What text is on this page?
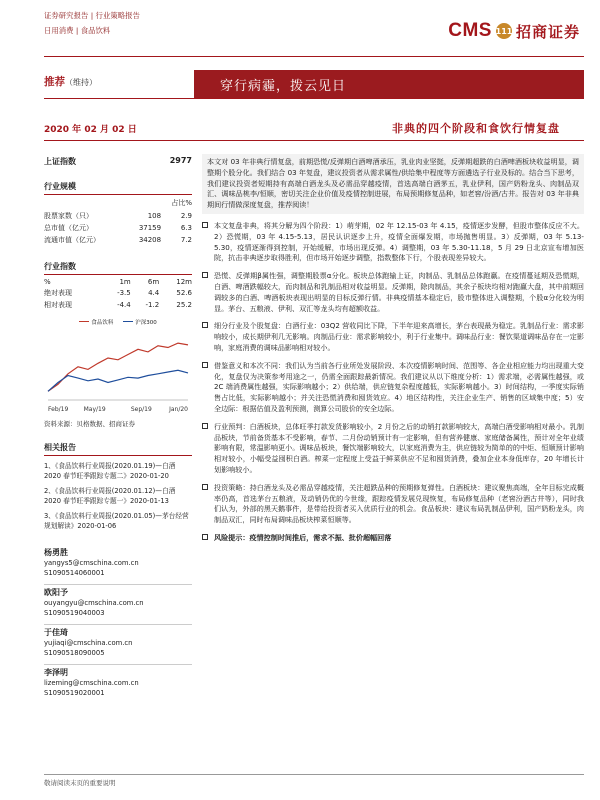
证券研究报告 | 行业策略报告
日用消费 | 食品饮料	CMS 111 招商证券
推荐（维持）	穿行病霾，拨云见日
2020 年 02 月 02 日	非典的四个阶段和食饮行情复盘
上证指数	2977
行业规模
		占比%
股票家数（只）	108	2.9
总市值（亿元）	37159	6.3
流通市值（亿元）	34208	7.2
行业指数
%	1m	6m	12m
绝对表现	-3.5	4.4	52.6
相对表现	-4.4	-1.2	25.2
食品饮料	沪深300
Feb/19	May/19	Sep/19	Jan/20
资料来源：贝格数据、招商证券
相关报告
1、《食品饮料行业周报(2020.01.19)—白酒 2020 春节旺季跟踪专题二》2020-01-20
2、《食品饮料行业周报(2020.01.12)—白酒 2020 春节旺季跟踪专题一》2020-01-13
3、《食品饮料行业周报(2020.01.05)—茅台经营规划解读》2020-01-06
杨勇胜
yangys5@cmschina.com.cn
S1090514060001
欧阳予
ouyangyu@cmschina.com.cn
S1090519040003
于佳琦
yujiaqi@cmschina.com.cn
S1090518090005
李泽明
lizeming@cmschina.com.cn
S1090519020001
本文对 03 年非典行情复盘，前期恐慌/反弹期白酒啤酒承压，乳业肉业坚挺，反弹期超跌的白酒啤酒板块收益明显，调整期个股分化。我们结合 03 年复盘，建议投资者从需求属性/供给集中程度等方面遴选子行业及标的。结合当下思考，我们建议投资者短期持有高端白酒龙头及必需品穿越疫情，首选高端白酒茅五，乳业伊利，国产奶粉龙头、肉制品双汇、调味品桃李/恒顺，密切关注企业价值及疫情控制进展，布局预期修复品种，如老窖/汾酒/古井。报告对 03 年非典期间行情做深度复盘，推荐阅读！
本文复盘非典，将其分解为四个阶段：1）萌芽期，02 年 12.15-03 年 4.15，疫情逐步发酵，但股市整体反应不大。2）恐慌期，03 年 4.15-5.13，居民认识逐步上升，疫情全面爆发期，市场抛售明显。3）反弹期，03 年 5.13-5.30，疫情逐渐得到控制，开始缓解，市场出现反弹。4）调整期，03 年 5.30-11.18，5 月 29 日北京宣布增加医院，抗击非典逐步取得胜利，但市场开始逐步调整，指数整体下行，个股表现差异较大。
恐慌、反弹期β属性强，调整期股票α分化。板块总体跑输上证，肉制品、乳制品总体跑赢。在疫情蔓延期及恐慌期，白酒、啤酒跌幅较大，而肉制品和乳制品相对收益明显。反弹期，除肉制品，其余子板块均相对跑赢大盘，其中前期回调较多的白酒、啤酒板块表现出明显的目标反弹行情。非典疫情基本稳定后，股市整体进入调整期，个股α分化较为明显。茅台、五粮液、伊利、双汇等龙头均有超额收益。
细分行业及个股复盘：白酒行业：03Q2 营收同比下降，下半年迎来高增长，茅台表现最为稳定。乳制品行业：需求影响较小，成长期伊利几无影响。肉制品行业：需求影响较小，利于行业集中。调味品行业：餐饮渠道调味品存在一定影响，家庭消费的调味品影响相对较小。
借鉴意义和本次不同：我们认为当前各行业所处发展阶段、本次疫情影响时间、范围等、各企业相应能力均出现重大变化，复盘仅为决策参考用途之一，仍需全面跟踪最新情况。我们建议从以下维度分析：1）需求端，必需属性越强，或 2C 端消费属性越强，实际影响越小；2）供给端，供应链复杂程度越低，实际影响越小。3）时间结构，一季度实际销售占比低，实际影响越小；并关注恐慌消费和囤货效应。4）地区结构性，关注企业生产、销售的区域集中度；5）安全边际：根据估值及盈利预测，测算公司股价的安全边际。
行业预判：白酒板块，总体旺季打款发货影响较小，2 月份之后的动销打款影响较大，高端白酒受影响相对最小。乳制品板块，节前备货基本不受影响，春节、二月份动销预计有一定影响，但有营养健康、家庭储备属性，预计对全年业绩影响有限，常温影响更小。调味品板块，餐饮端影响较大，以家庭消费为主，供应链较为简单的的中炬、恒顺预计影响相对较小，小幅受益囤积白酒。榨菜一定程度上受益于鲜菜供应不足和囤货消费，叠加企业本身低库存，20 年增长计划影响较小。
投资策略：持白酒龙头及必需品穿越疫情，关注超跌品种的预期修复弹性。白酒板块：建议聚焦高端，全年目标完成概率仍高，首选茅台五粮液，及动销仍优的今世缘，跟踪疫情发展兑现恢复，布局修复品种（老窖汾酒古井等），同时我们认为，外部的黑天鹅事件，是带给投资者买入优质行业的机会。食品板块：建议布局乳制品伊利，国产奶粉龙头，肉制品双汇，同时布局调味品板块榨菜恒顺等。
风险提示：疫情控制时间推后，需求不振、批价超幅回落
敬请阅读末页的重要说明
